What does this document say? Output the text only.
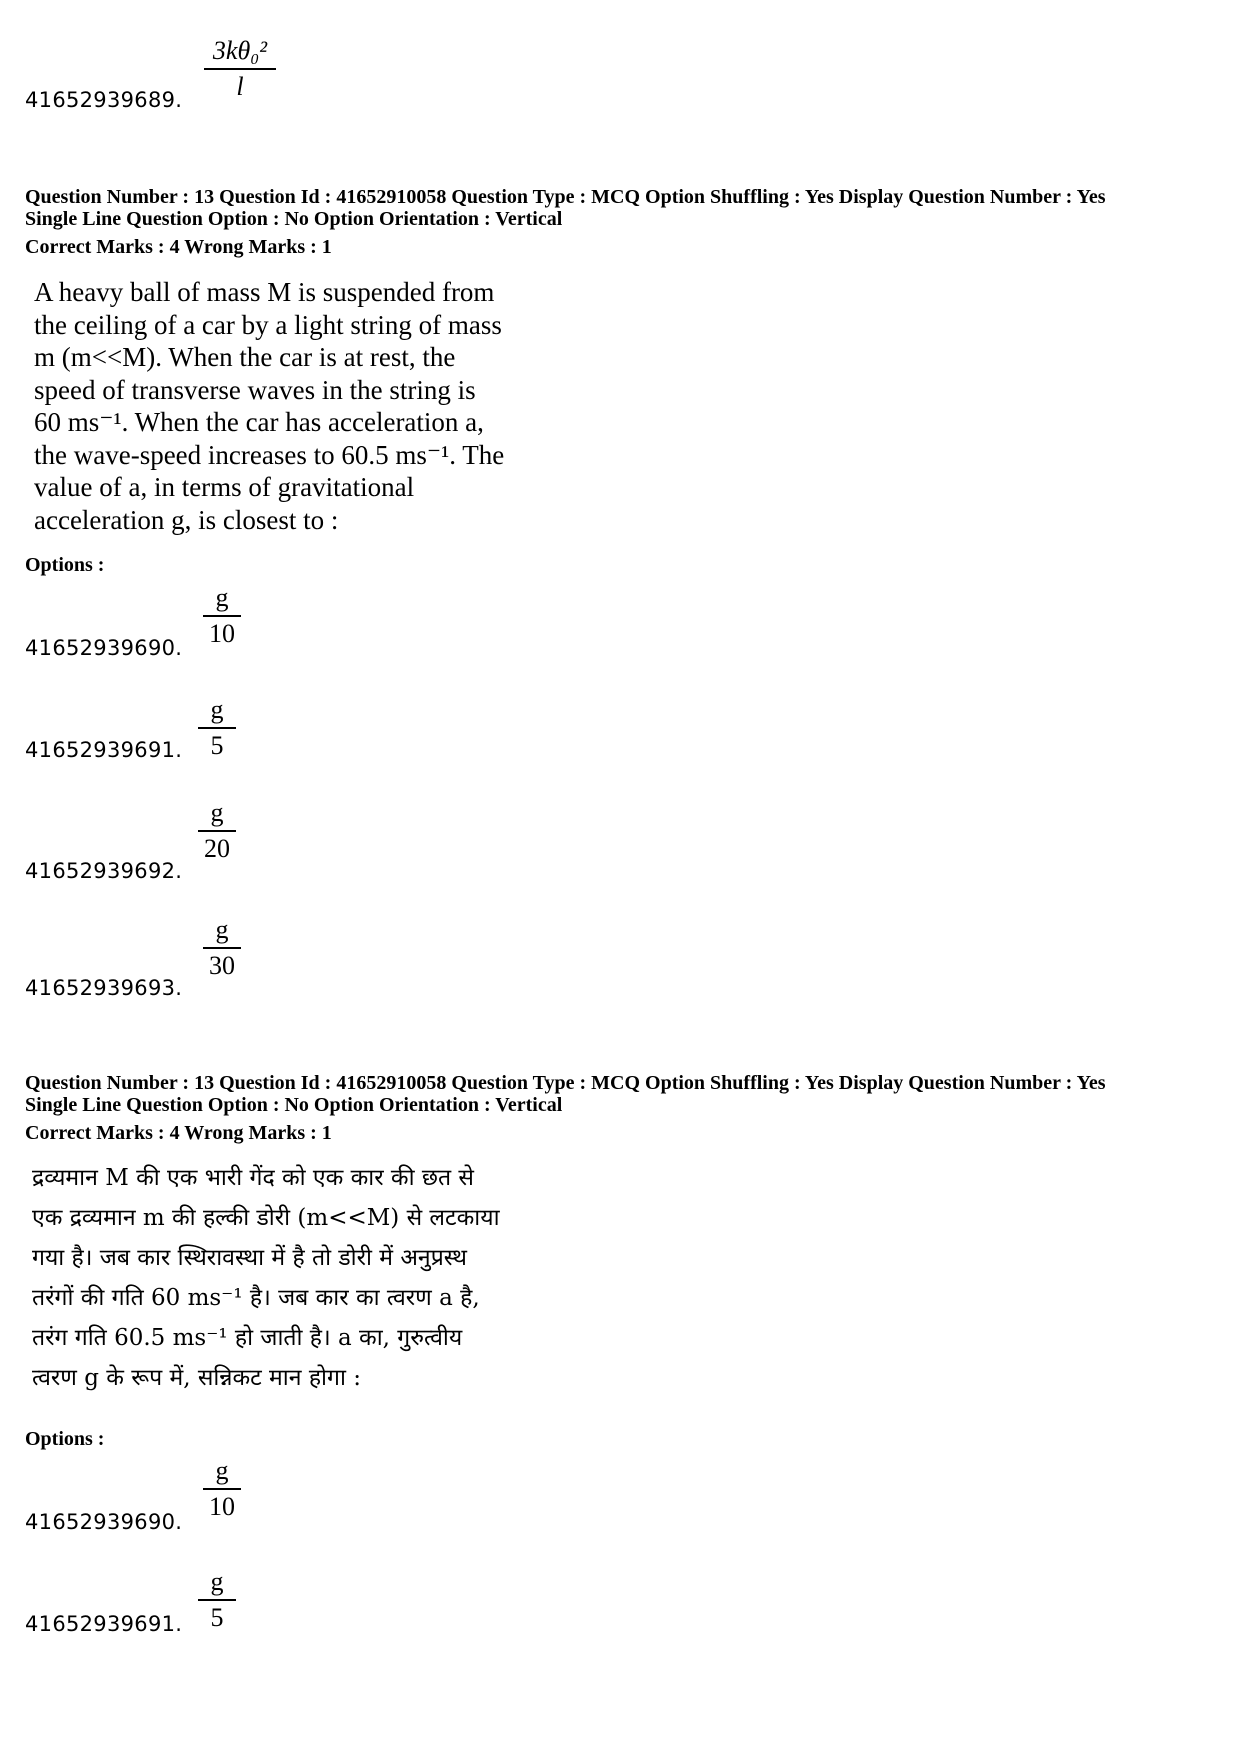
3kθ₀²
l
41652939689.
Question Number : 13 Question Id : 41652910058 Question Type : MCQ Option Shuffling : Yes Display Question Number : Yes
Single Line Question Option : No Option Orientation : Vertical
Correct Marks : 4 Wrong Marks : 1
A heavy ball of mass M is suspended from
the ceiling of a car by a light string of mass
m (m<<M). When the car is at rest, the
speed of transverse waves in the string is
60 ms⁻¹. When the car has acceleration a,
the wave-speed increases to 60.5 ms⁻¹. The
value of a, in terms of gravitational
acceleration g, is closest to :
Options :
g
10
41652939690.
g
5
41652939691.
g
20
41652939692.
g
30
41652939693.
Question Number : 13 Question Id : 41652910058 Question Type : MCQ Option Shuffling : Yes Display Question Number : Yes
Single Line Question Option : No Option Orientation : Vertical
Correct Marks : 4 Wrong Marks : 1
द्रव्यमान M की एक भारी गेंद को एक कार की छत से
एक द्रव्यमान m की हल्की डोरी (m<<M) से लटकाया
गया है। जब कार स्थिरावस्था में है तो डोरी में अनुप्रस्थ
तरंगों की गति 60 ms⁻¹ है। जब कार का त्वरण a है,
तरंग गति 60.5 ms⁻¹ हो जाती है। a का, गुरुत्वीय
त्वरण g के रूप में, सन्निकट मान होगा :
Options :
g
10
41652939690.
g
5
41652939691.
